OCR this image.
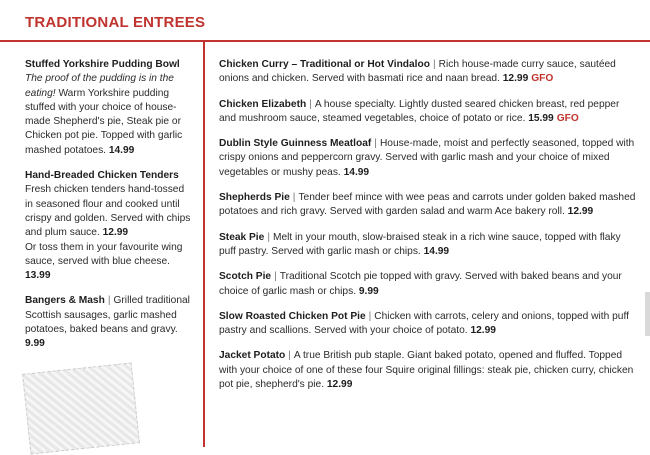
TRADITIONAL ENTREES
Stuffed Yorkshire Pudding Bowl
The proof of the pudding is in the eating! Warm Yorkshire pudding stuffed with your choice of house-made Shepherd's pie, Steak pie or Chicken pot pie. Topped with garlic mashed potatoes. 14.99
Hand-Breaded Chicken Tenders
Fresh chicken tenders hand-tossed in seasoned flour and cooked until crispy and golden. Served with chips and plum sauce. 12.99
Or toss them in your favourite wing sauce, served with blue cheese.
13.99
Bangers & Mash | Grilled traditional Scottish sausages, garlic mashed potatoes, baked beans and gravy.
9.99
Chicken Curry – Traditional or Hot Vindaloo | Rich house-made curry sauce, sautéed onions and chicken. Served with basmati rice and naan bread. 12.99 GFO
Chicken Elizabeth | A house specialty. Lightly dusted seared chicken breast, red pepper and mushroom sauce, steamed vegetables, choice of potato or rice. 15.99 GFO
Dublin Style Guinness Meatloaf | House-made, moist and perfectly seasoned, topped with crispy onions and peppercorn gravy. Served with garlic mash and your choice of mixed vegetables or mushy peas. 14.99
Shepherds Pie | Tender beef mince with wee peas and carrots under golden baked mashed potatoes and rich gravy. Served with garden salad and warm Ace bakery roll. 12.99
Steak Pie | Melt in your mouth, slow-braised steak in a rich wine sauce, topped with flaky puff pastry. Served with garlic mash or chips. 14.99
Scotch Pie | Traditional Scotch pie topped with gravy. Served with baked beans and your choice of garlic mash or chips. 9.99
Slow Roasted Chicken Pot Pie | Chicken with carrots, celery and onions, topped with puff pastry and scallions. Served with your choice of potato. 12.99
Jacket Potato | A true British pub staple. Giant baked potato, opened and fluffed. Topped with your choice of one of these four Squire original fillings: steak pie, chicken curry, chicken pot pie, shepherd's pie. 12.99
